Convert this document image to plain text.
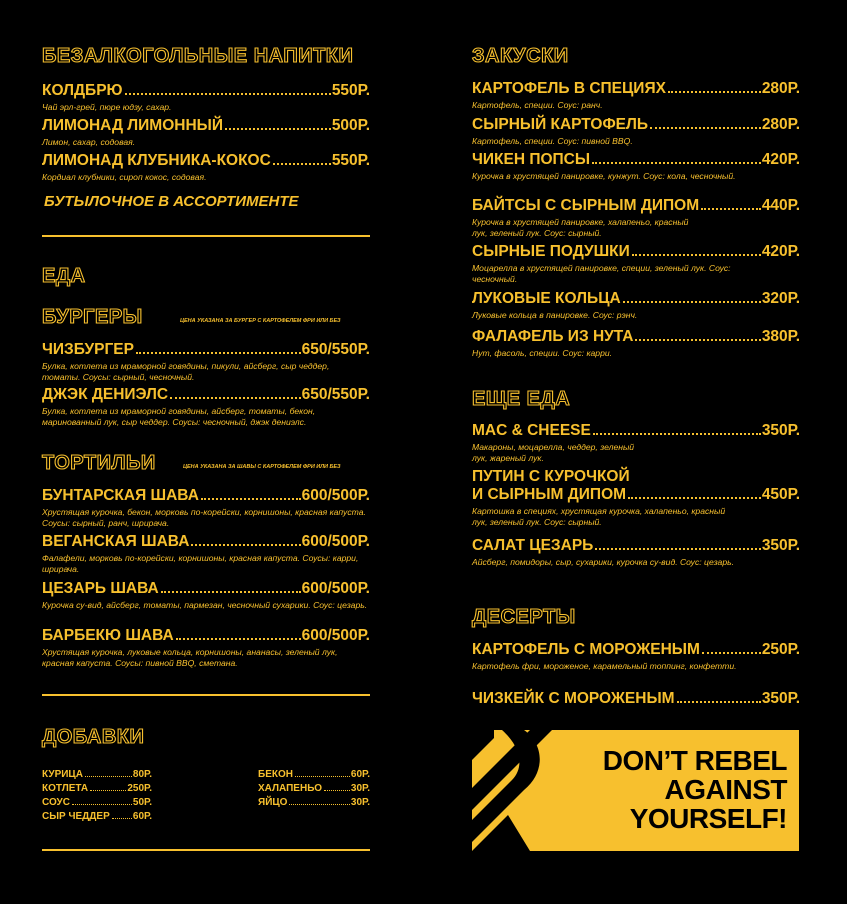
БЕЗАЛКОГОЛЬНЫЕ НАПИТКИ
КОЛДБРЮ	550Р.
Чай эрл-грей, пюре юдзу, сахар.
ЛИМОНАД ЛИМОННЫЙ	500Р.
Лимон, сахар, содовая.
ЛИМОНАД КЛУБНИКА-КОКОС	550Р.
Кордиал клубники, сироп кокос, содовая.
БУТЫЛОЧНОЕ В АССОРТИМЕНТЕ
ЕДА
БУРГЕРЫ	ЦЕНА УКАЗАНА ЗА БУРГЕР С КАРТОФЕЛЕМ ФРИ ИЛИ БЕЗ
ЧИЗБУРГЕР	650/550Р.
Булка, котлета из мраморной говядины, пикули, айсберг, сыр чеддер, томаты. Соусы: сырный, чесночный.
ДЖЭК ДЕНИЭЛС	650/550Р.
Булка, котлета из мраморной говядины, айсберг, томаты, бекон, маринованный лук, сыр чеддер. Соусы: чесночный, джэк дениэлс.
ТОРТИЛЬИ	ЦЕНА УКАЗАНА ЗА ШАВЫ С КАРТОФЕЛЕМ ФРИ ИЛИ БЕЗ
БУНТАРСКАЯ ШАВА	600/500Р.
Хрустящая курочка, бекон, морковь по-корейски, корнишоны, красная капуста. Соусы: сырный, ранч, шрирача.
ВЕГАНСКАЯ ШАВА	600/500Р.
Фалафели, морковь по-корейски, корнишоны, красная капуста. Соусы: карри, шрирача.
ЦЕЗАРЬ ШАВА	600/500Р.
Курочка су-вид, айсберг, томаты, пармезан, чесночный сухарики. Соус: цезарь.
БАРБЕКЮ ШАВА	600/500Р.
Хрустящая курочка, луковые кольца, корнишоны, ананасы, зеленый лук, красная капуста. Соусы: пивной BBQ, сметана.
ДОБАВКИ
КУРИЦА	80Р.
КОТЛЕТА	250Р.
СОУС	50Р.
СЫР ЧЕДДЕР 60Р.
БЕКОН	60Р.
ХАЛАПЕНЬО	30Р.
ЯЙЦО	30Р.
ЗАКУСКИ
КАРТОФЕЛЬ В СПЕЦИЯХ	280Р.
Картофель, специи. Соус: ранч.
СЫРНЫЙ КАРТОФЕЛЬ	280Р.
Картофель, специи. Соус: пивной BBQ.
ЧИКЕН ПОПСЫ	420Р.
Курочка в хрустящей панировке, кунжут. Соус: кола, чесночный.
БАЙТСЫ С СЫРНЫМ ДИПОМ	440Р.
Курочка в хрустящей панировке, халапеньо, красный лук, зеленый лук. Соус: сырный.
СЫРНЫЕ ПОДУШКИ	420Р.
Моцарелла в хрустящей панировке, специи, зеленый лук. Соус: чесночный.
ЛУКОВЫЕ КОЛЬЦА	320Р.
Луковые кольца в панировке. Соус: рэнч.
ФАЛАФЕЛЬ ИЗ НУТА	380Р.
Нут, фасоль, специи. Соус: карри.
ЕЩЕ ЕДА
MAC & CHEESE	350Р.
Макароны, моцарелла, чеддер, зеленый лук, жареный лук.
ПУТИН С КУРОЧКОЙ
И СЫРНЫМ ДИПОМ	450Р.
Картошка в специях, хрустящая курочка, халапеньо, красный лук, зеленый лук. Соус: сырный.
САЛАТ ЦЕЗАРЬ	350Р.
Айсберг, помидоры, сыр, сухарики, курочка су-вид. Соус: цезарь.
ДЕСЕРТЫ
КАРТОФЕЛЬ С МОРОЖЕНЫМ	250Р.
Картофель фри, мороженое, карамельный топпинг, конфетти.
ЧИЗКЕЙК С МОРОЖЕНЫМ	350Р.
DON’T REBEL
AGAINST
YOURSELF!
